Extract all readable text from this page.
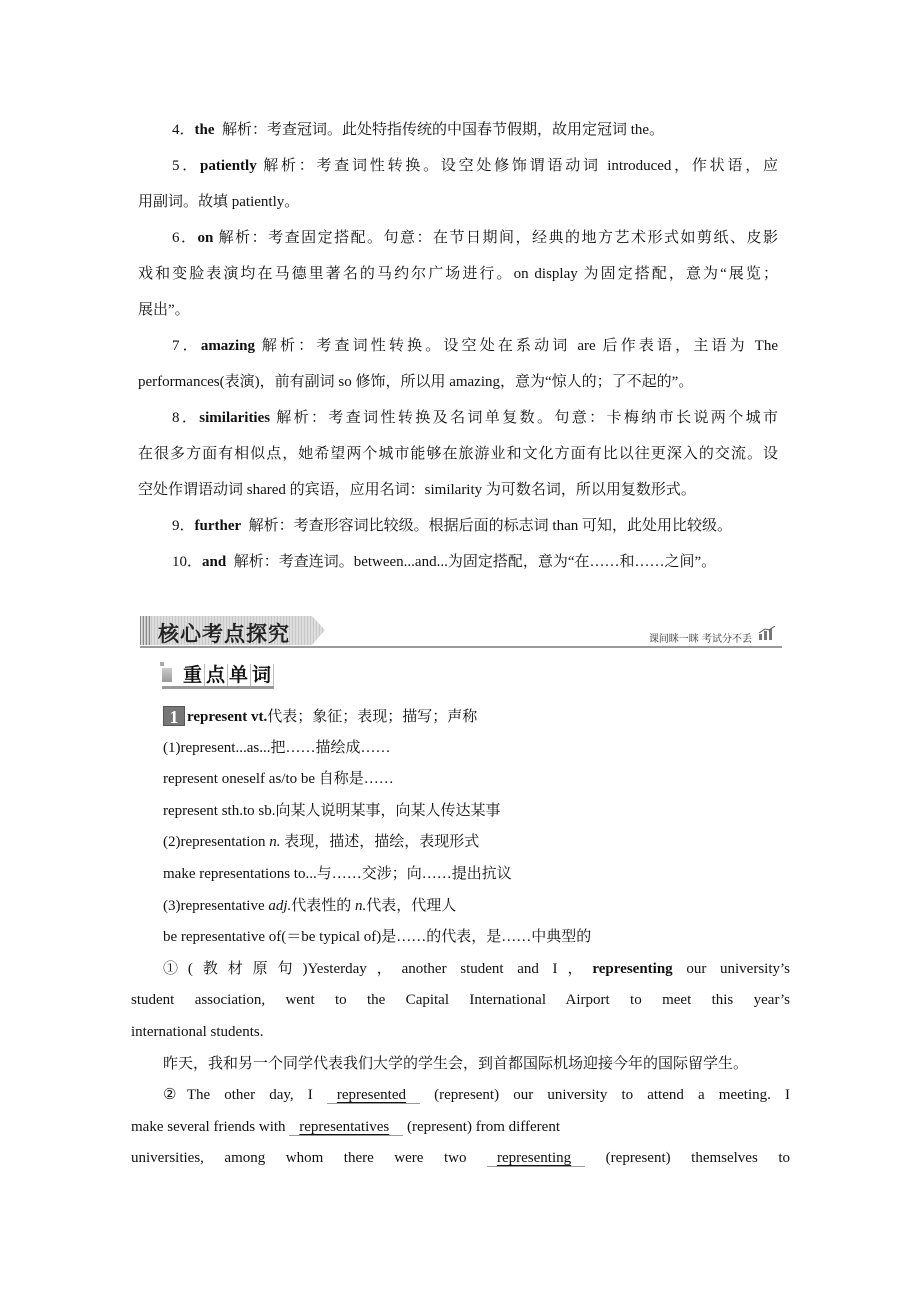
核心考点探究	课间眯一眯 考试分不丢
重 点 单 词
4．the  解析：考查冠词。此处特指传统的中国春节假期，故用定冠词 the。
5．patiently 解析：考查词性转换。设空处修饰谓语动词 introduced，作状语，应
用副词。故填 patiently。
6．on 解析：考查固定搭配。句意：在节日期间，经典的地方艺术形式如剪纸、皮影
戏和变脸表演均在马德里著名的马约尔广场进行。on display 为固定搭配，意为“展览；
展出”。
7．amazing 解析：考查词性转换。设空处在系动词 are 后作表语，主语为 The
performances(表演)，前有副词 so 修饰，所以用 amazing，意为“惊人的；了不起的”。
8．similarities 解析：考查词性转换及名词单复数。句意：卡梅纳市长说两个城市
在很多方面有相似点，她希望两个城市能够在旅游业和文化方面有比以往更深入的交流。设
空处作谓语动词 shared 的宾语，应用名词：similarity 为可数名词，所以用复数形式。
9．further  解析：考查形容词比较级。根据后面的标志词 than 可知，此处用比较级。
10．and  解析：考查连词。between...and...为固定搭配，意为“在……和……之间”。
1 represent vt.代表；象征；表现；描写；声称
(1)represent...as...把……描绘成……
represent oneself as/to be 自称是……
represent sth.to sb.向某人说明某事，向某人传达某事
(2)representation n. 表现，描述，描绘，表现形式
make representations to...与……交涉；向……提出抗议
(3)representative adj.代表性的 n.代表，代理人
be representative of(＝be typical of)是……的代表，是……中典型的
①(教材原句)Yesterday，another student and I，representing our university’s
student association, went to the Capital International Airport to meet this year’s
international students.
昨天，我和另一个同学代表我们大学的学生会，到首都国际机场迎接今年的国际留学生。
②The other day, I represented (represent) our university to attend a meeting. I
make several friends with representatives (represent) from different
universities, among whom there were two representing (represent) themselves to
